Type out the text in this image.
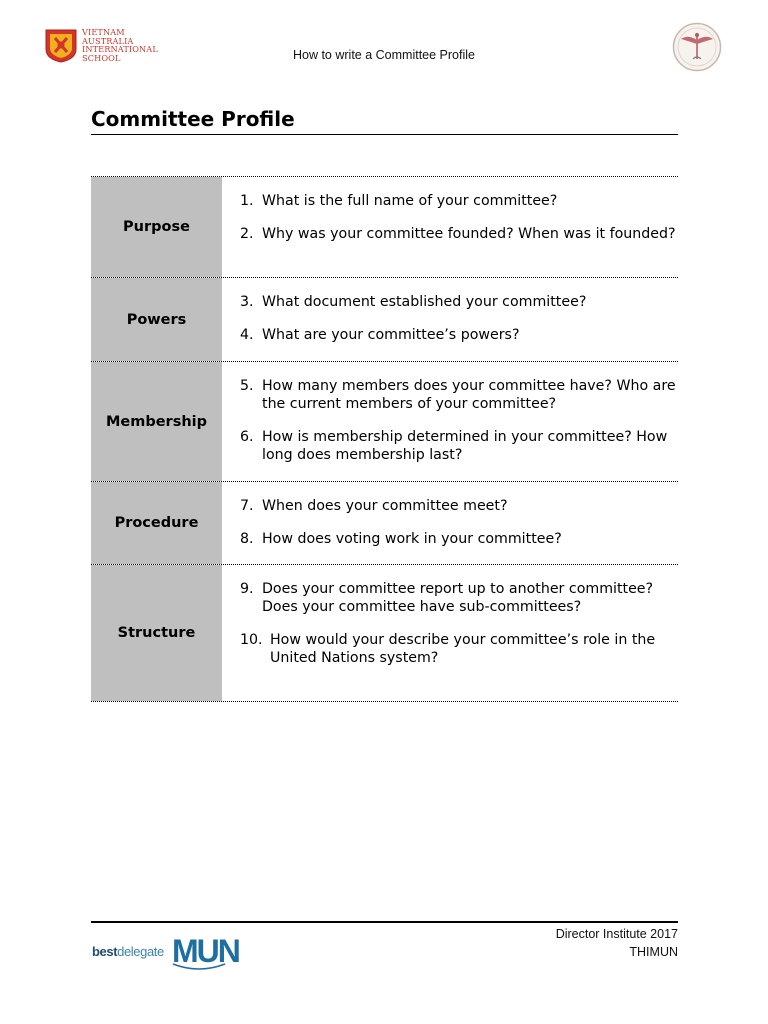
VIETNAM
AUSTRALIA
INTERNATIONAL
SCHOOL	How to write a Committee Profile
Committee Profile
Purpose
1. What is the full name of your committee?
2. Why was your committee founded? When was it founded?
Powers
3. What document established your committee?
4. What are your committee’s powers?
Membership
5. How many members does your committee have? Who are the current members of your committee?
6. How is membership determined in your committee? How long does membership last?
Procedure
7. When does your committee meet?
8. How does voting work in your committee?
Structure
9. Does your committee report up to another committee? Does your committee have sub-committees?
10. How would your describe your committee’s role in the United Nations system?
bestdelegate MUN	Director Institute 2017
THIMUN
